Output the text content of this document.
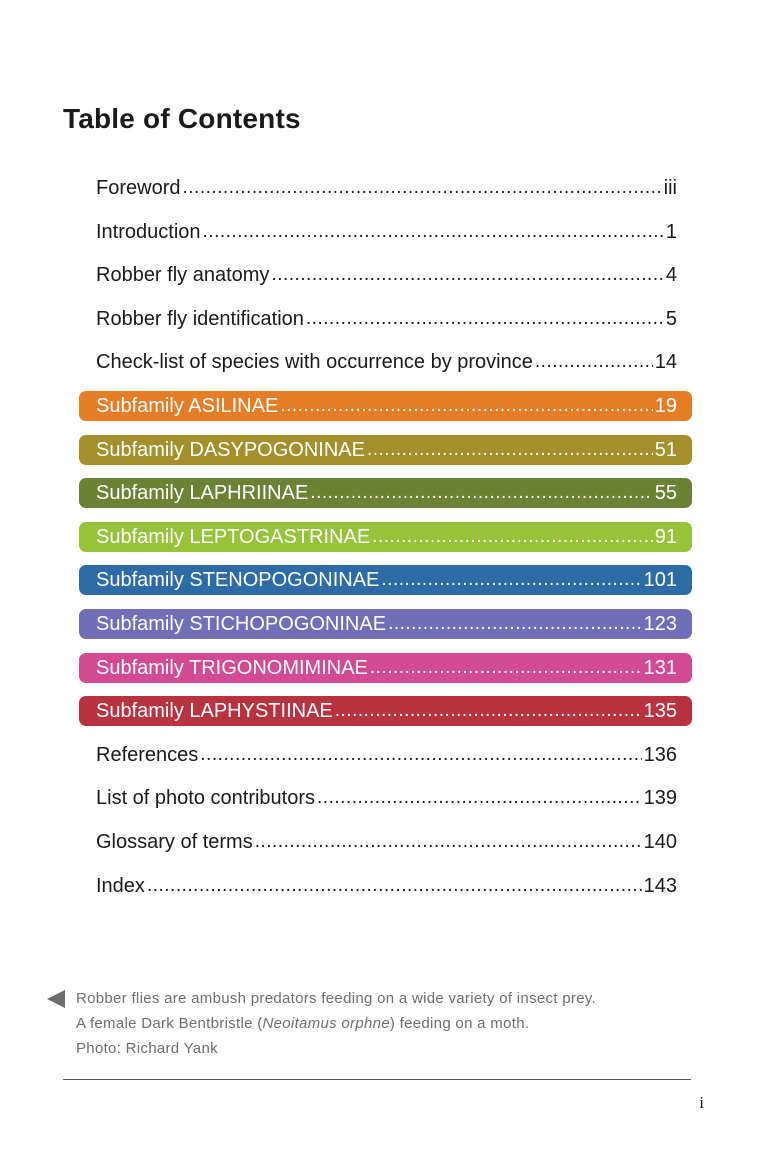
Table of Contents
Foreword .....	iii
Introduction .....	1
Robber fly anatomy .....	4
Robber fly identification .....	5
Check-list of species with occurrence by province .....	14
Subfamily ASILINAE .....	19
Subfamily DASYPOGONINAE .....	51
Subfamily LAPHRIINAE .....	55
Subfamily LEPTOGASTRINAE .....	91
Subfamily STENOPOGONINAE .....	101
Subfamily STICHOPOGONINAE .....	123
Subfamily TRIGONOMIMINAE .....	131
Subfamily LAPHYSTIINAE .....	135
References .....	136
List of photo contributors .....	139
Glossary of terms .....	140
Index .....	143
Robber flies are ambush predators feeding on a wide variety of insect prey.
A female Dark Bentbristle (Neoitamus orphne) feeding on a moth.
Photo: Richard Yank
i
